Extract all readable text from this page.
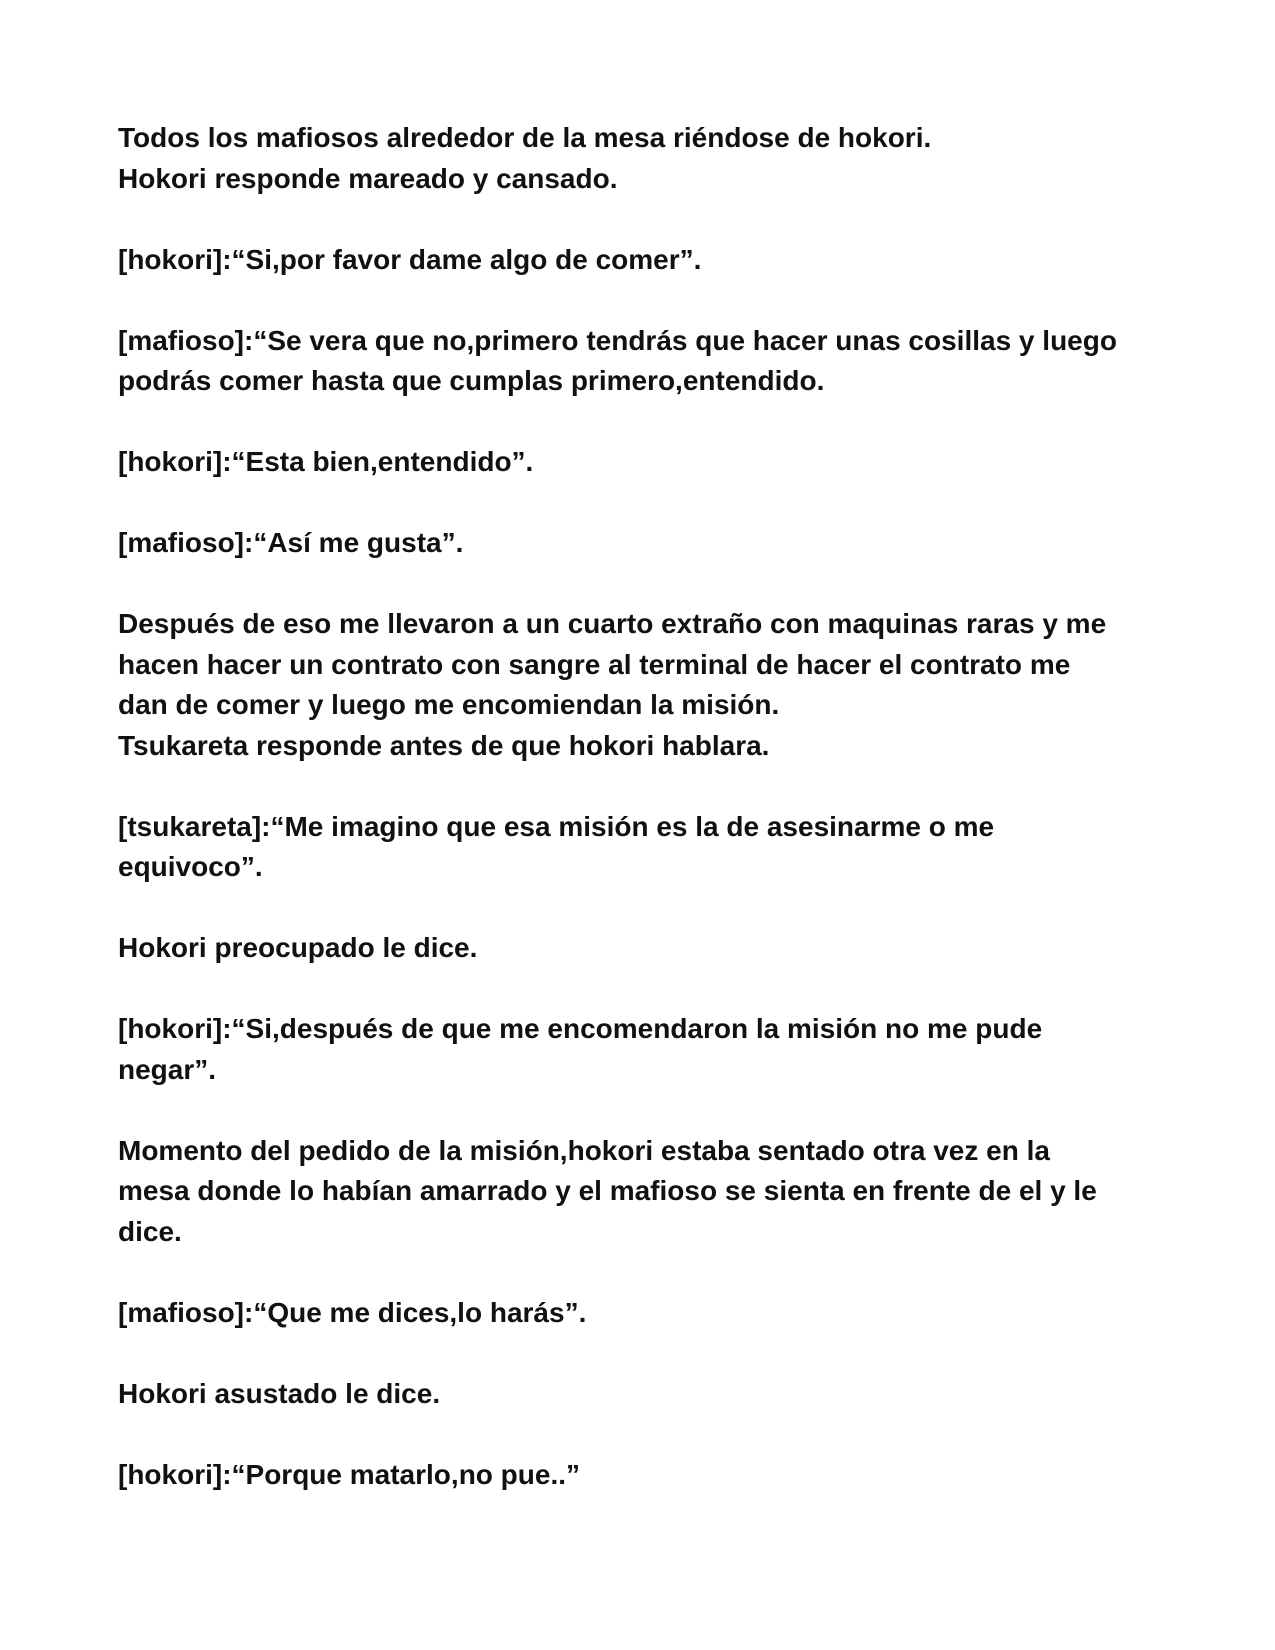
Todos los mafiosos alrededor de la mesa riéndose de hokori.
Hokori responde mareado y cansado.

[hokori]:“Si,por favor dame algo de comer”.

[mafioso]:“Se vera que no,primero tendrás que hacer unas cosillas y luego
podrás comer hasta que cumplas primero,entendido.

[hokori]:“Esta bien,entendido”.

[mafioso]:“Así me gusta”.

Después de eso me llevaron a un cuarto extraño con maquinas raras y me
hacen hacer un contrato con sangre al terminal de hacer el contrato me
dan de comer y luego me encomiendan la misión.
Tsukareta responde antes de que hokori hablara.

[tsukareta]:“Me imagino que esa misión es la de asesinarme o me
equivoco”.

Hokori preocupado le dice.

[hokori]:“Si,después de que me encomendaron la misión no me pude
negar”.

Momento del pedido de la misión,hokori estaba sentado otra vez en la
mesa donde lo habían amarrado y el mafioso se sienta en frente de el y le
dice.

[mafioso]:“Que me dices,lo harás”.

Hokori asustado le dice.

[hokori]:“Porque matarlo,no pue..”
